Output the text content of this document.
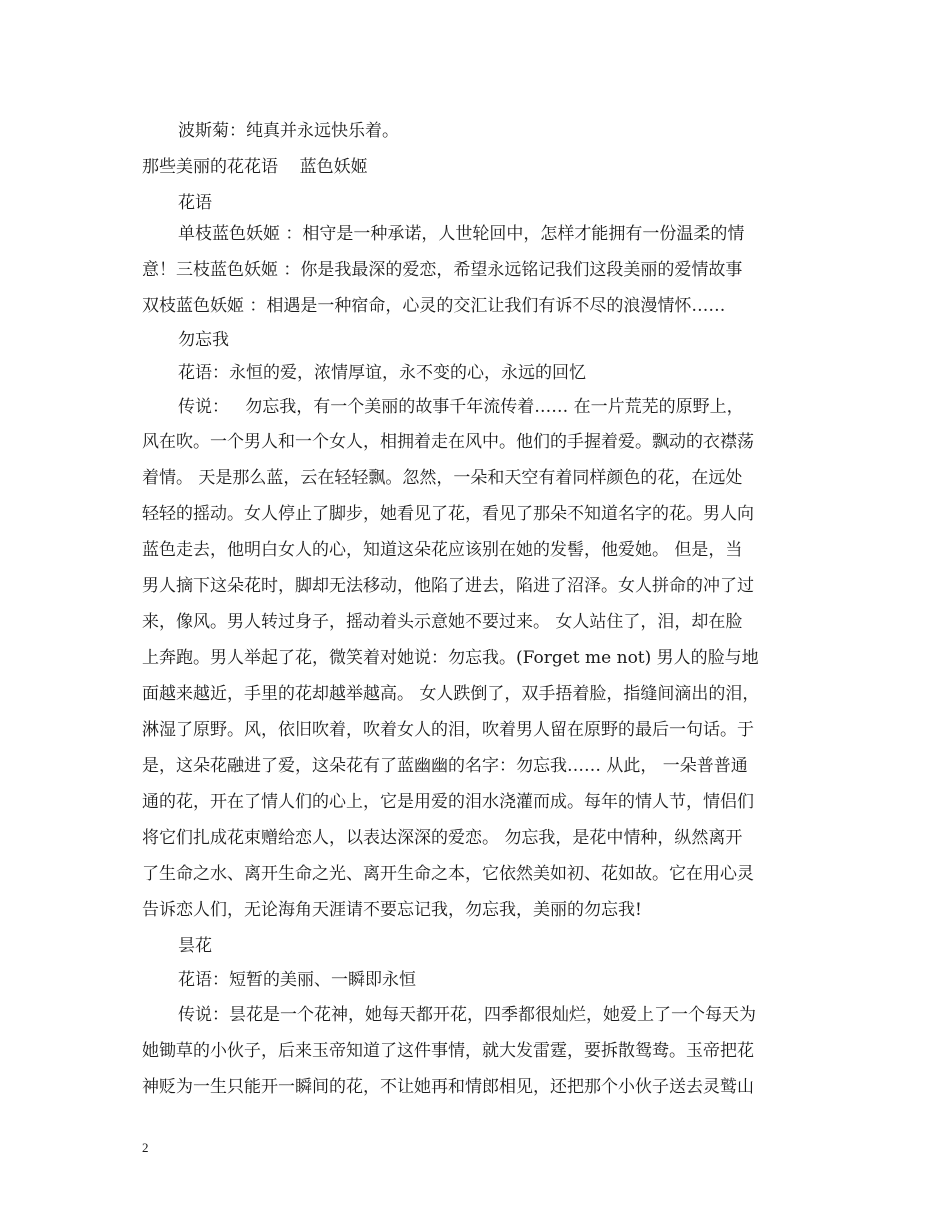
波斯菊：纯真并永远快乐着。
那些美丽的花花语    蓝色妖姬
花语
单枝蓝色妖姬 ：相守是一种承诺，人世轮回中，怎样才能拥有一份温柔的情
意！三枝蓝色妖姬 ：你是我最深的爱恋，希望永远铭记我们这段美丽的爱情故事
双枝蓝色妖姬 ：相遇是一种宿命，心灵的交汇让我们有诉不尽的浪漫情怀……
勿忘我
花语：永恒的爱，浓情厚谊，永不变的心，永远的回忆
传说：   勿忘我，有一个美丽的故事千年流传着…… 在一片荒芜的原野上，
风在吹。一个男人和一个女人，相拥着走在风中。他们的手握着爱。飘动的衣襟荡
着情。 天是那么蓝，云在轻轻飘。忽然，一朵和天空有着同样颜色的花，在远处
轻轻的摇动。女人停止了脚步，她看见了花，看见了那朵不知道名字的花。男人向
蓝色走去，他明白女人的心，知道这朵花应该别在她的发髻，他爱她。 但是，当
男人摘下这朵花时，脚却无法移动，他陷了进去，陷进了沼泽。女人拼命的冲了过
来，像风。男人转过身子，摇动着头示意她不要过来。 女人站住了，泪，却在脸
上奔跑。男人举起了花，微笑着对她说：勿忘我。(Forget me not) 男人的脸与地
面越来越近，手里的花却越举越高。 女人跌倒了，双手捂着脸，指缝间滴出的泪，
淋湿了原野。风，依旧吹着，吹着女人的泪，吹着男人留在原野的最后一句话。于
是，这朵花融进了爱，这朵花有了蓝幽幽的名字：勿忘我…… 从此， 一朵普普通
通的花，开在了情人们的心上，它是用爱的泪水浇灌而成。每年的情人节，情侣们
将它们扎成花束赠给恋人，以表达深深的爱恋。 勿忘我，是花中情种，纵然离开
了生命之水、离开生命之光、离开生命之本，它依然美如初、花如故。它在用心灵
告诉恋人们，无论海角天涯请不要忘记我，勿忘我，美丽的勿忘我!
昙花
花语：短暂的美丽、一瞬即永恒
传说：昙花是一个花神，她每天都开花，四季都很灿烂，她爱上了一个每天为
她锄草的小伙子，后来玉帝知道了这件事情，就大发雷霆，要拆散鸳鸯。玉帝把花
神贬为一生只能开一瞬间的花，不让她再和情郎相见，还把那个小伙子送去灵鹫山
2
